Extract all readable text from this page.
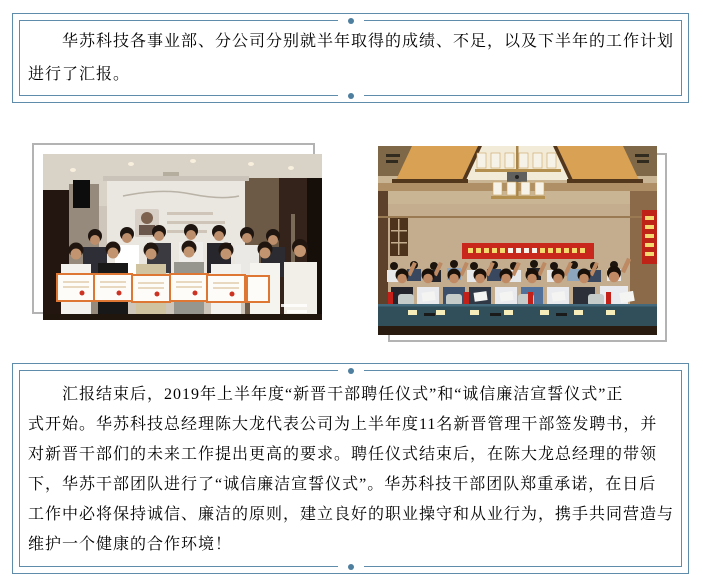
华苏科技各事业部、分公司分别就半年取得的成绩、不足，以及下半年的工作计划
进行了汇报。
汇报结束后，2019年上半年度“新晋干部聘任仪式”和“诚信廉洁宣誓仪式”正
式开始。华苏科技总经理陈大龙代表公司为上半年度11名新晋管理干部签发聘书，并
对新晋干部们的未来工作提出更高的要求。聘任仪式结束后，在陈大龙总经理的带领
下，华苏干部团队进行了“诚信廉洁宣誓仪式”。华苏科技干部团队郑重承诺，在日后
工作中必将保持诚信、廉洁的原则，建立良好的职业操守和从业行为，携手共同营造与
维护一个健康的合作环境！
